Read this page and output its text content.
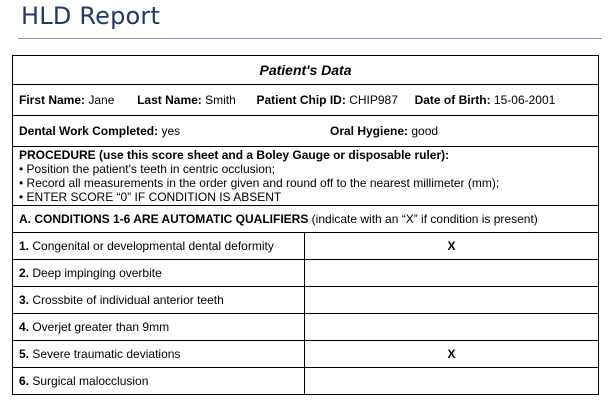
HLD Report
Patient's Data	
First Name: Jane Last Name: Smith Patient Chip ID: CHIP987 Date of Birth: 15-06-2001	
Dental Work Completed: yes Oral Hygiene: good	

PROCEDURE (use this score sheet and a Boley Gauge or disposable ruler):
• Position the patient's teeth in centric occlusion;
• Record all measurements in the order given and round off to the nearest millimeter (mm);
• ENTER SCORE “0” IF CONDITION IS ABSENT	

A. CONDITIONS 1-6 ARE AUTOMATIC QUALIFIERS (indicate with an “X” if condition is present)	
1. Congenital or developmental dental deformity	X
2. Deep impinging overbite	
3. Crossbite of individual anterior teeth	
4. Overjet greater than 9mm	
5. Severe traumatic deviations	X
6. Surgical malocclusion	
